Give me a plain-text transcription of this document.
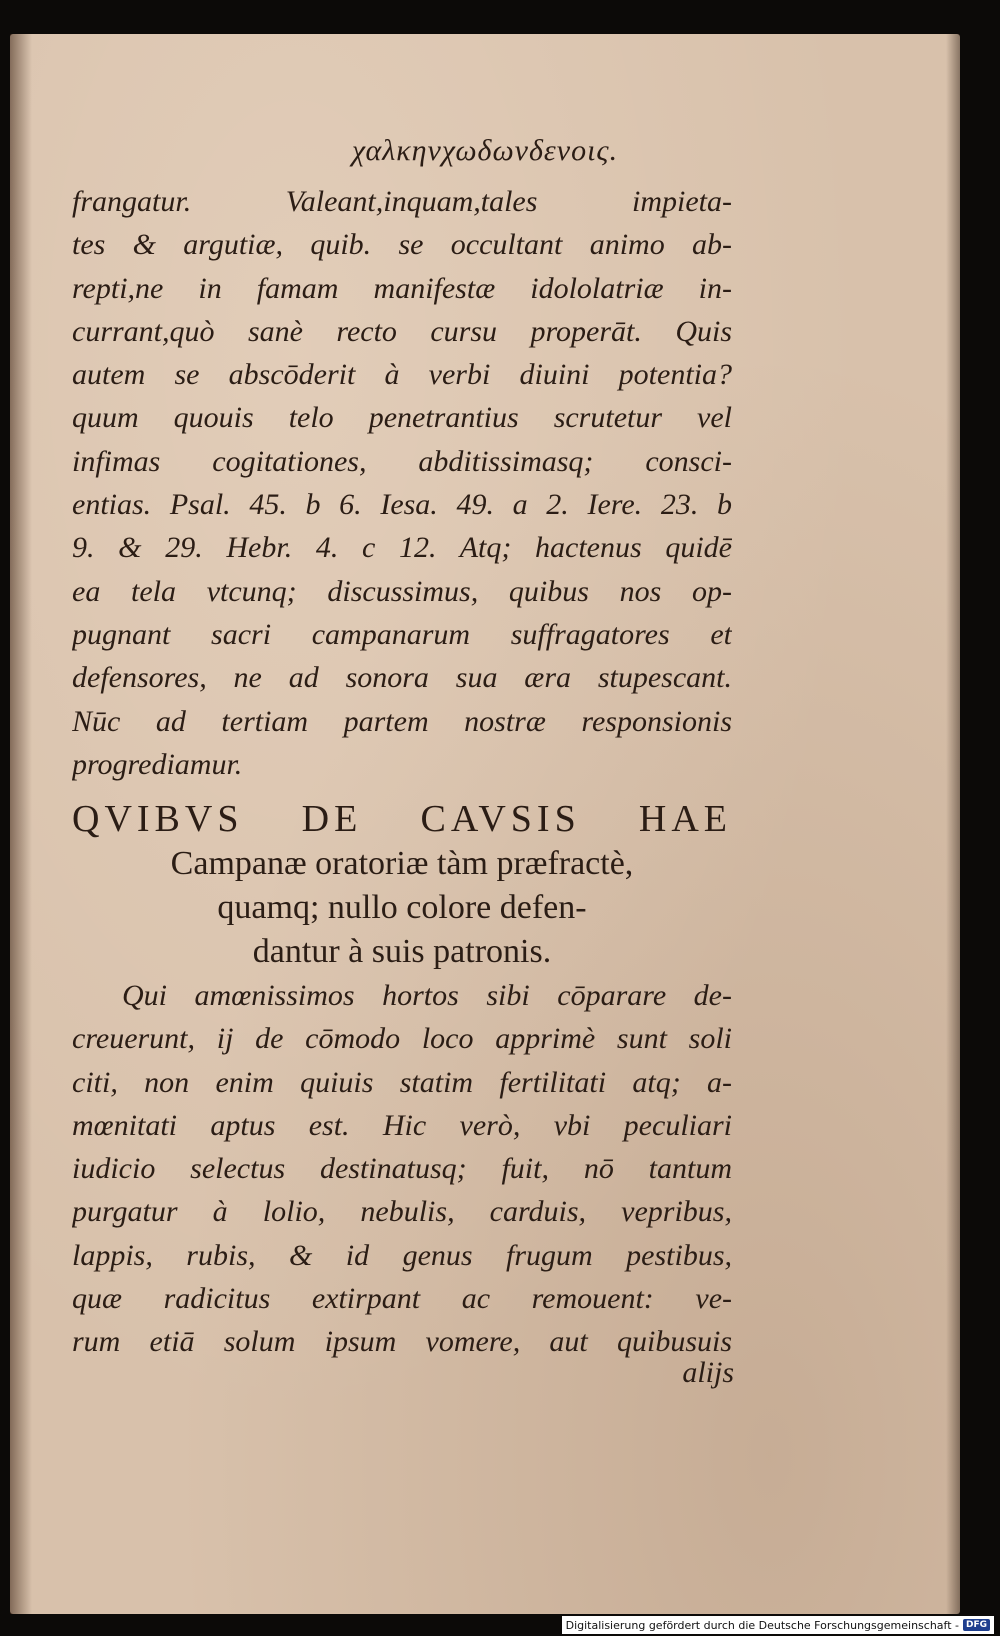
χαλκηνχωδωνδενοις.
frangatur. Valeant,inquam,tales impieta-
tes & argutiæ, quib. se occultant animo ab-
repti,ne in famam manifestæ idololatriæ in-
currant,quò sanè recto cursu properāt. Quis
autem se abscōderit à verbi diuini potentia?
quum quouis telo penetrantius scrutetur vel
infimas cogitationes, abditissimasq; consci-
entias. Psal. 45. b 6. Iesa. 49. a 2. Iere. 23. b
9. & 29. Hebr. 4. c 12. Atq; hactenus quidē
ea tela vtcunq; discussimus, quibus nos op-
pugnant sacri campanarum suffragatores et
defensores, ne ad sonora sua æra stupescant.
Nūc ad tertiam partem nostræ responsionis
progrediamur.
QVIBVS DE CAVSIS HAE
Campanæ oratoriæ tàm præfractè,
quamq; nullo colore defen-
dantur à suis patronis.
Qui amœnissimos hortos sibi cōparare de-
creuerunt, ij de cōmodo loco apprimè sunt soli
citi, non enim quiuis statim fertilitati atq; a-
mœnitati aptus est. Hic verò, vbi peculiari
iudicio selectus destinatusq; fuit, nō tantum
purgatur à lolio, nebulis, carduis, vepribus,
lappis, rubis, & id genus frugum pestibus,
quæ radicitus extirpant ac remouent: ve-
rum etiā solum ipsum vomere, aut quibusuis
alijs
Digitalisierung gefördert durch die Deutsche Forschungsgemeinschaft - DFG
